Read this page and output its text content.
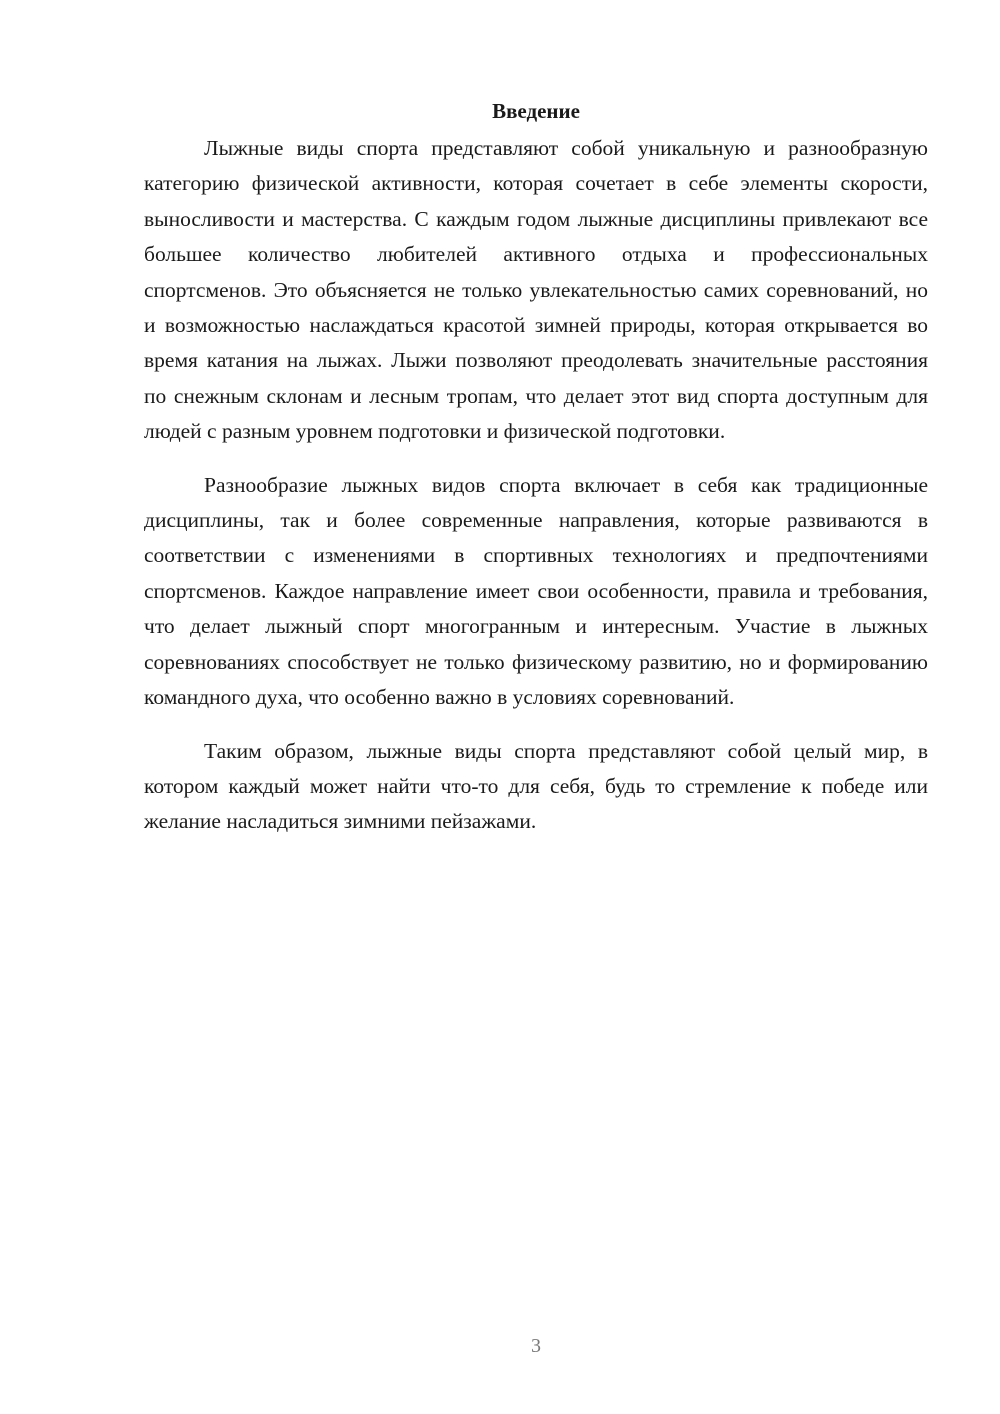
Введение

Лыжные виды спорта представляют собой уникальную и разнообразную категорию физической активности, которая сочетает в себе элементы скорости, выносливости и мастерства. С каждым годом лыжные дисциплины привлекают все большее количество любителей активного отдыха и профессиональных спортсменов. Это объясняется не только увлекательностью самих соревнований, но и возможностью наслаждаться красотой зимней природы, которая открывается во время катания на лыжах. Лыжи позволяют преодолевать значительные расстояния по снежным склонам и лесным тропам, что делает этот вид спорта доступным для людей с разным уровнем подготовки и физической подготовки.

Разнообразие лыжных видов спорта включает в себя как традиционные дисциплины, так и более современные направления, которые развиваются в соответствии с изменениями в спортивных технологиях и предпочтениями спортсменов. Каждое направление имеет свои особенности, правила и требования, что делает лыжный спорт многогранным и интересным. Участие в лыжных соревнованиях способствует не только физическому развитию, но и формированию командного духа, что особенно важно в условиях соревнований.

Таким образом, лыжные виды спорта представляют собой целый мир, в котором каждый может найти что-то для себя, будь то стремление к победе или желание насладиться зимними пейзажами.

3
